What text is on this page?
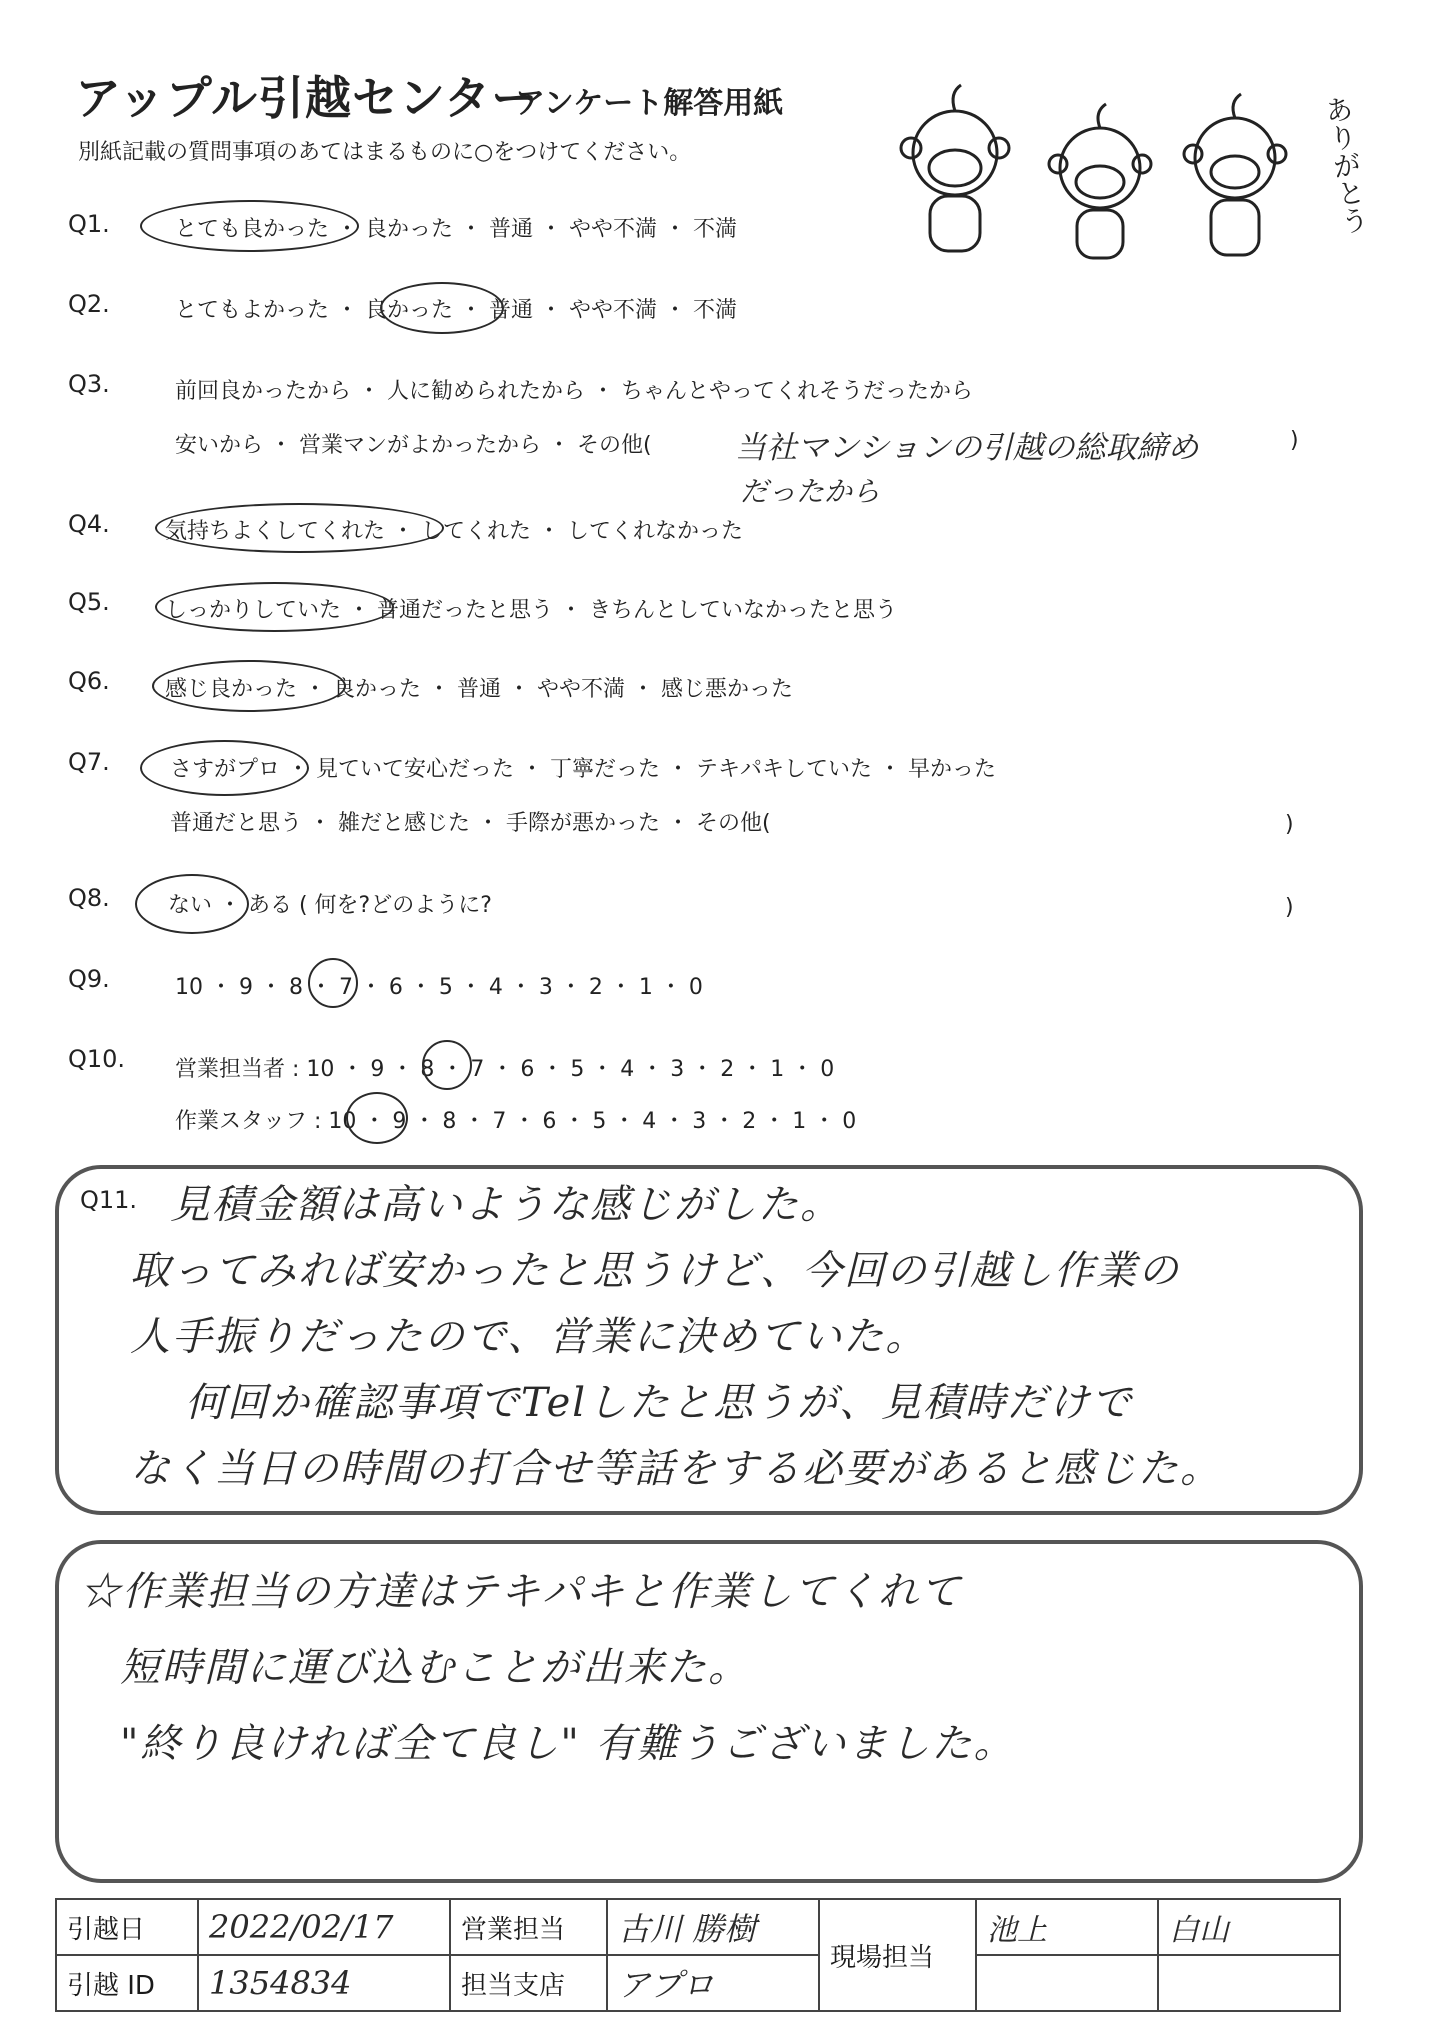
アップル引越センター
アンケート解答用紙
別紙記載の質問事項のあてはまるものに○をつけてください。	ありがとう
Q1.	とても良かった ・ 良かった ・ 普通 ・ やや不満 ・ 不満
Q2.	とてもよかった ・ 良かった ・ 普通 ・ やや不満 ・ 不満
Q3.	前回良かったから ・ 人に勧められたから ・ ちゃんとやってくれそうだったから
安いから ・ 営業マンがよかったから ・ その他(	当社マンションの引越の総取締め	)
だったから
Q4.	気持ちよくしてくれた ・ してくれた ・ してくれなかった
Q5.	しっかりしていた ・ 普通だったと思う ・ きちんとしていなかったと思う
Q6.	感じ良かった ・ 良かった ・ 普通 ・ やや不満 ・ 感じ悪かった
Q7.	さすがプロ ・ 見ていて安心だった ・ 丁寧だった ・ テキパキしていた ・ 早かった
普通だと思う ・ 雑だと感じた ・ 手際が悪かった ・ その他(	)
Q8.	ない ・ ある ( 何を?どのように?	)
Q9.	10 ・ 9 ・ 8 ・ 7 ・ 6 ・ 5 ・ 4 ・ 3 ・ 2 ・ 1 ・ 0
Q10. 営業担当者 : 10 ・ 9 ・ 8 ・ 7 ・ 6 ・ 5 ・ 4 ・ 3 ・ 2 ・ 1 ・ 0
作業スタッフ : 10 ・ 9 ・ 8 ・ 7 ・ 6 ・ 5 ・ 4 ・ 3 ・ 2 ・ 1 ・ 0
Q11. 見積金額は高いような感じがした。
取ってみれば安かったと思うけど、今回の引越し作業の
人手振りだったので、営業に決めていた。
何回か確認事項でTelしたと思うが、見積時だけで
なく当日の時間の打合せ等話をする必要があると感じた。
☆作業担当の方達はテキパキと作業してくれて
短時間に運び込むことが出来た。
"終り良ければ全て良し" 有難うございました。
引越日	2022/02/17	営業担当	古川 勝樹	現場担当	池上	白山
引越 ID	1354834	担当支店	アプロ			
